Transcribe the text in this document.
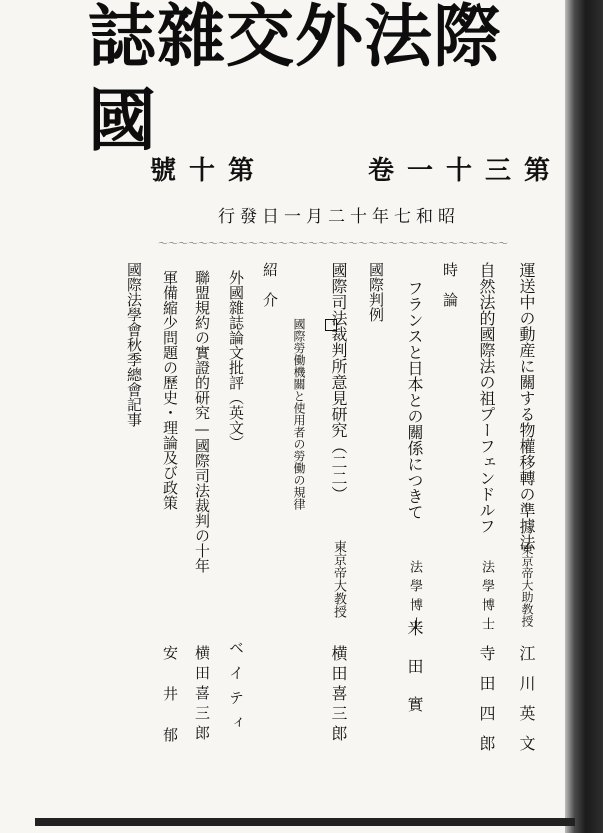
誌雜交外法際國
號十第	卷一十三第
行發日一月二十年七和昭
～～～～～～～～～～～～～～～～～～～～～～～～～～～～～～～～～～～
運送中の動産に關する物權移轉の準據法
東京帝大助教授
江川英文
自然法的國際法の祖プーフェンドルフ
法學博士
寺田四郎
時　論
フランスと日本との關係につきて
法學博士
米田實
國際判例
國際司法裁判所意見研究（二二）
國際勞働機關と使用者の勞働の規律
東京帝大教授
横田喜三郎
紹　介
外國雜誌論文批評（英文）
ベイティ
聯盟規約の實證的研究—國際司法裁判の十年
横田喜三郎
軍備縮少問題の歷史・理論及び政策
安井郁
國際法學會秋季總會記事
